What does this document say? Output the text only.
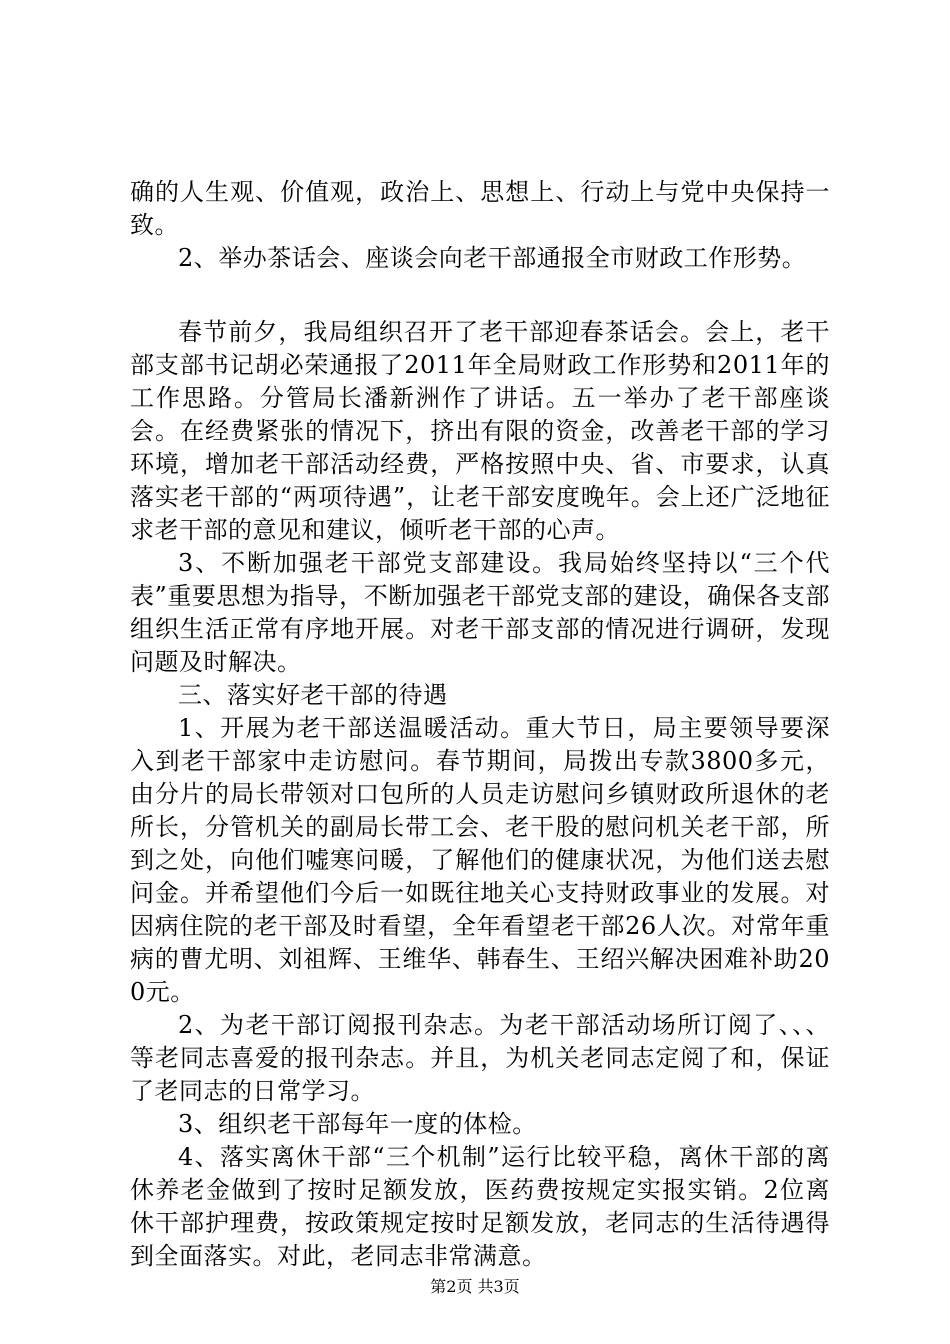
确的人生观、价值观，政治上、思想上、行动上与党中央保持一致。

2、举办茶话会、座谈会向老干部通报全市财政工作形势。

春节前夕，我局组织召开了老干部迎春茶话会。会上，老干部支部书记胡必荣通报了2011年全局财政工作形势和2011年的工作思路。分管局长潘新洲作了讲话。五一举办了老干部座谈会。在经费紧张的情况下，挤出有限的资金，改善老干部的学习环境，增加老干部活动经费，严格按照中央、省、市要求，认真落实老干部的“两项待遇”，让老干部安度晚年。会上还广泛地征求老干部的意见和建议，倾听老干部的心声。

3、不断加强老干部党支部建设。我局始终坚持以“三个代表”重要思想为指导，不断加强老干部党支部的建设，确保各支部组织生活正常有序地开展。对老干部支部的情况进行调研，发现问题及时解决。

三、落实好老干部的待遇

1、开展为老干部送温暖活动。重大节日，局主要领导要深入到老干部家中走访慰问。春节期间，局拨出专款3800多元，由分片的局长带领对口包所的人员走访慰问乡镇财政所退休的老所长，分管机关的副局长带工会、老干股的慰问机关老干部，所到之处，向他们嘘寒问暖，了解他们的健康状况，为他们送去慰问金。并希望他们今后一如既往地关心支持财政事业的发展。对因病住院的老干部及时看望，全年看望老干部26人次。对常年重病的曹尤明、刘祖辉、王维华、韩春生、王绍兴解决困难补助200元。

2、为老干部订阅报刊杂志。为老干部活动场所订阅了、、、等老同志喜爱的报刊杂志。并且，为机关老同志定阅了和，保证了老同志的日常学习。

3、组织老干部每年一度的体检。

4、落实离休干部“三个机制”运行比较平稳，离休干部的离休养老金做到了按时足额发放，医药费按规定实报实销。2位离休干部护理费，按政策规定按时足额发放，老同志的生活待遇得到全面落实。对此，老同志非常满意。

第2页 共3页
